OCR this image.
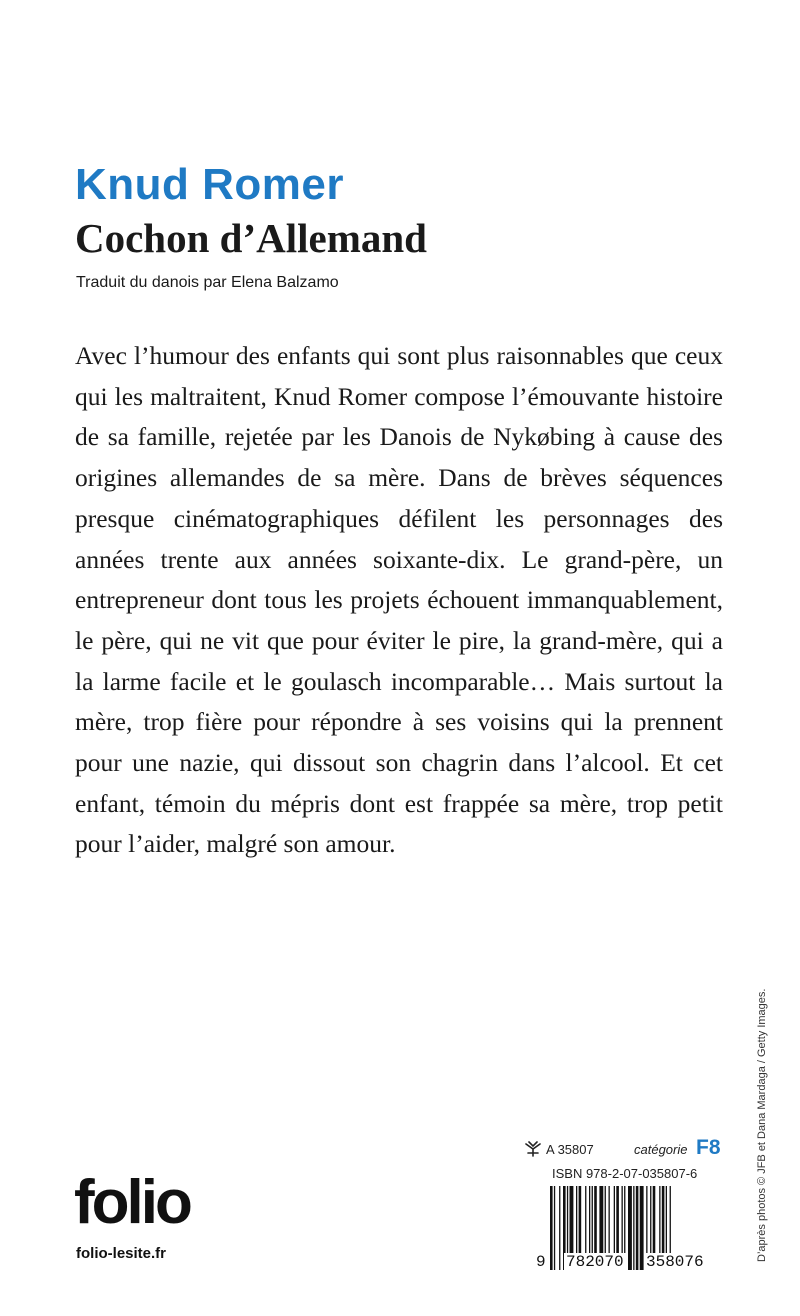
Knud Romer
Cochon d’Allemand
Traduit du danois par Elena Balzamo

Avec l’humour des enfants qui sont plus raisonnables que ceux qui les maltraitent, Knud Romer compose l’émouvante histoire de sa famille, rejetée par les Danois de Nykøbing à cause des origines allemandes de sa mère. Dans de brèves séquences presque cinématographiques défilent les personnages des années trente aux années soixante-dix. Le grand-père, un entrepreneur dont tous les projets échouent immanquablement, le père, qui ne vit que pour éviter le pire, la grand-mère, qui a la larme facile et le goulasch incomparable… Mais surtout la mère, trop fière pour répondre à ses voisins qui la prennent pour une nazie, qui dissout son chagrin dans l’alcool. Et cet enfant, témoin du mépris dont est frappée sa mère, trop petit pour l’aider, malgré son amour.

D’après photos © JFB et Dana Mardaga / Getty Images.
A 35807	catégorie F8
ISBN 978-2-07-035807-6
9 782070 358076
folio
folio-lesite.fr
